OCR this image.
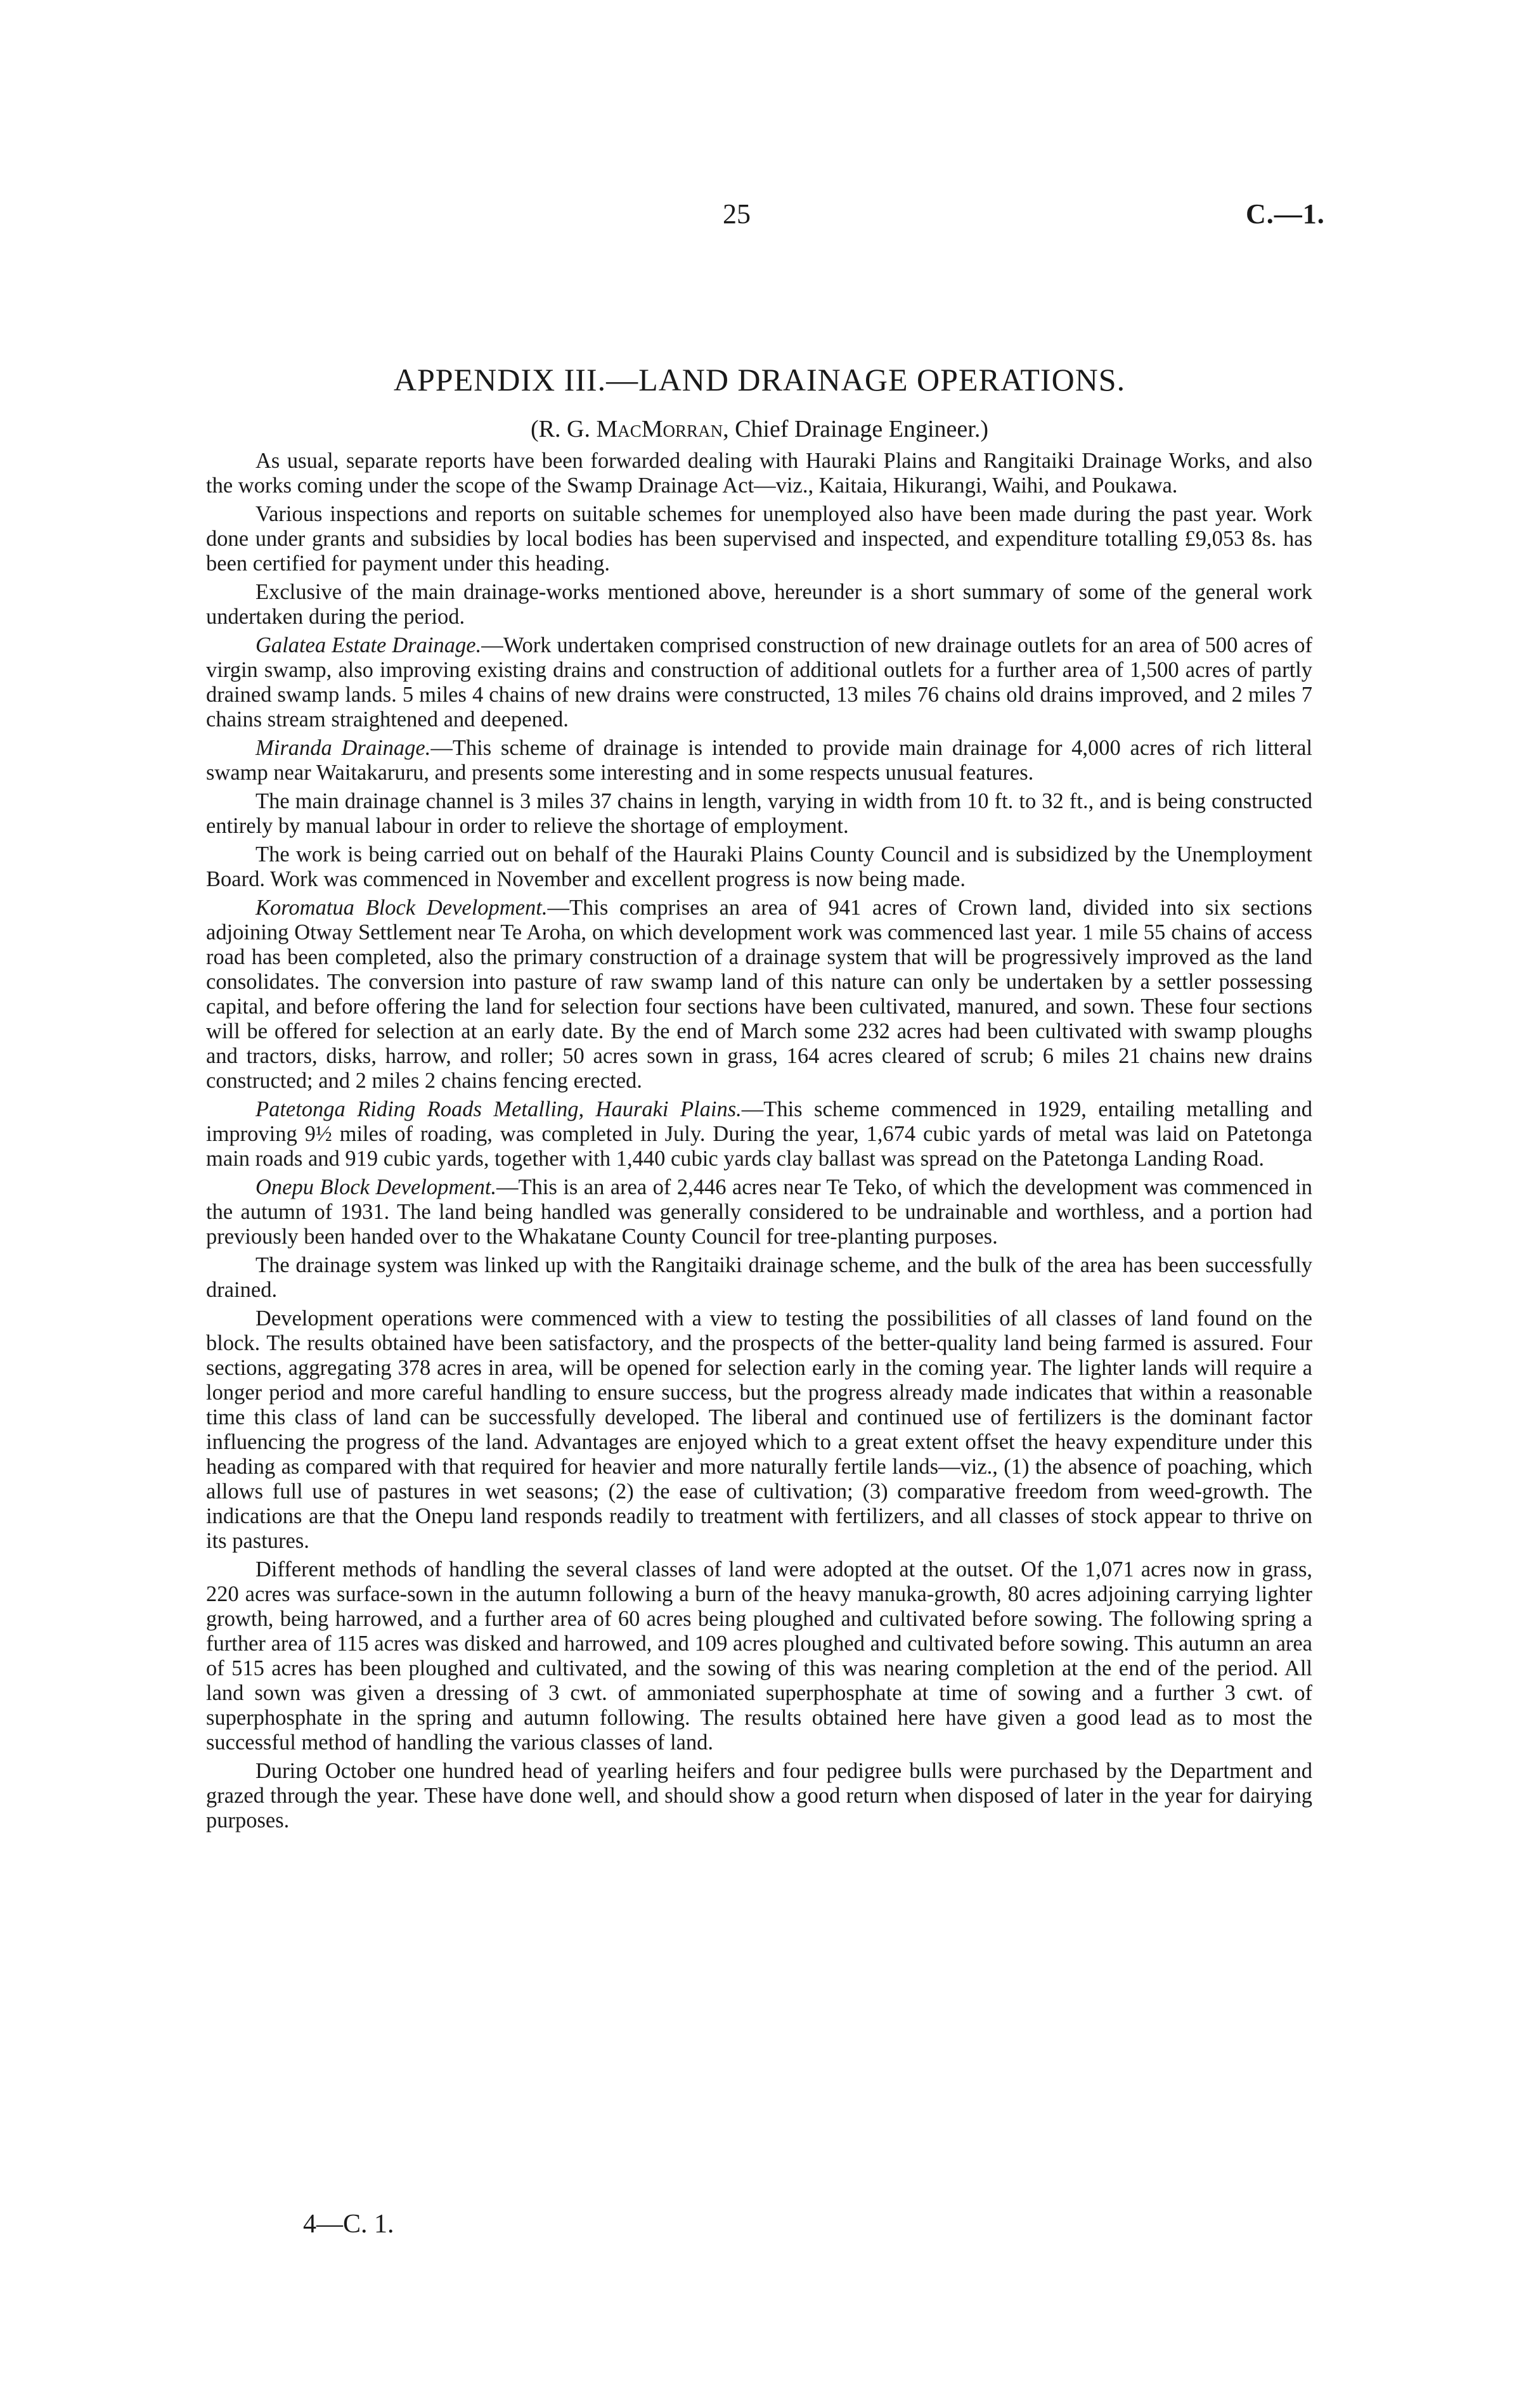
25	C.—1.
APPENDIX III.—LAND DRAINAGE OPERATIONS.
(R. G. MacMorran, Chief Drainage Engineer.)

As usual, separate reports have been forwarded dealing with Hauraki Plains and Rangitaiki Drainage Works, and also the works coming under the scope of the Swamp Drainage Act—viz., Kaitaia, Hikurangi, Waihi, and Poukawa.

Various inspections and reports on suitable schemes for unemployed also have been made during the past year. Work done under grants and subsidies by local bodies has been supervised and inspected, and expenditure totalling £9,053 8s. has been certified for payment under this heading.

Exclusive of the main drainage-works mentioned above, hereunder is a short summary of some of the general work undertaken during the period.

Galatea Estate Drainage.—Work undertaken comprised construction of new drainage outlets for an area of 500 acres of virgin swamp, also improving existing drains and construction of additional outlets for a further area of 1,500 acres of partly drained swamp lands. 5 miles 4 chains of new drains were constructed, 13 miles 76 chains old drains improved, and 2 miles 7 chains stream straightened and deepened.

Miranda Drainage.—This scheme of drainage is intended to provide main drainage for 4,000 acres of rich litteral swamp near Waitakaruru, and presents some interesting and in some respects unusual features.

The main drainage channel is 3 miles 37 chains in length, varying in width from 10 ft. to 32 ft., and is being constructed entirely by manual labour in order to relieve the shortage of employment.

The work is being carried out on behalf of the Hauraki Plains County Council and is subsidized by the Unemployment Board. Work was commenced in November and excellent progress is now being made.

Koromatua Block Development.—This comprises an area of 941 acres of Crown land, divided into six sections adjoining Otway Settlement near Te Aroha, on which development work was commenced last year. 1 mile 55 chains of access road has been completed, also the primary construction of a drainage system that will be progressively improved as the land consolidates. The conversion into pasture of raw swamp land of this nature can only be undertaken by a settler possessing capital, and before offering the land for selection four sections have been cultivated, manured, and sown. These four sections will be offered for selection at an early date. By the end of March some 232 acres had been cultivated with swamp ploughs and tractors, disks, harrow, and roller; 50 acres sown in grass, 164 acres cleared of scrub; 6 miles 21 chains new drains constructed; and 2 miles 2 chains fencing erected.

Patetonga Riding Roads Metalling, Hauraki Plains.—This scheme commenced in 1929, entailing metalling and improving 9½ miles of roading, was completed in July. During the year, 1,674 cubic yards of metal was laid on Patetonga main roads and 919 cubic yards, together with 1,440 cubic yards clay ballast was spread on the Patetonga Landing Road.

Onepu Block Development.—This is an area of 2,446 acres near Te Teko, of which the development was commenced in the autumn of 1931. The land being handled was generally considered to be undrainable and worthless, and a portion had previously been handed over to the Whakatane County Council for tree-planting purposes.

The drainage system was linked up with the Rangitaiki drainage scheme, and the bulk of the area has been successfully drained.

Development operations were commenced with a view to testing the possibilities of all classes of land found on the block. The results obtained have been satisfactory, and the prospects of the better-quality land being farmed is assured. Four sections, aggregating 378 acres in area, will be opened for selection early in the coming year. The lighter lands will require a longer period and more careful handling to ensure success, but the progress already made indicates that within a reasonable time this class of land can be successfully developed. The liberal and continued use of fertilizers is the dominant factor influencing the progress of the land. Advantages are enjoyed which to a great extent offset the heavy expenditure under this heading as compared with that required for heavier and more naturally fertile lands—viz., (1) the absence of poaching, which allows full use of pastures in wet seasons; (2) the ease of cultivation; (3) comparative freedom from weed-growth. The indications are that the Onepu land responds readily to treatment with fertilizers, and all classes of stock appear to thrive on its pastures.

Different methods of handling the several classes of land were adopted at the outset. Of the 1,071 acres now in grass, 220 acres was surface-sown in the autumn following a burn of the heavy manuka-growth, 80 acres adjoining carrying lighter growth, being harrowed, and a further area of 60 acres being ploughed and cultivated before sowing. The following spring a further area of 115 acres was disked and harrowed, and 109 acres ploughed and cultivated before sowing. This autumn an area of 515 acres has been ploughed and cultivated, and the sowing of this was nearing completion at the end of the period. All land sown was given a dressing of 3 cwt. of ammoniated superphosphate at time of sowing and a further 3 cwt. of superphosphate in the spring and autumn following. The results obtained here have given a good lead as to most the successful method of handling the various classes of land.

During October one hundred head of yearling heifers and four pedigree bulls were purchased by the Department and grazed through the year. These have done well, and should show a good return when disposed of later in the year for dairying purposes.

4—C. 1.
